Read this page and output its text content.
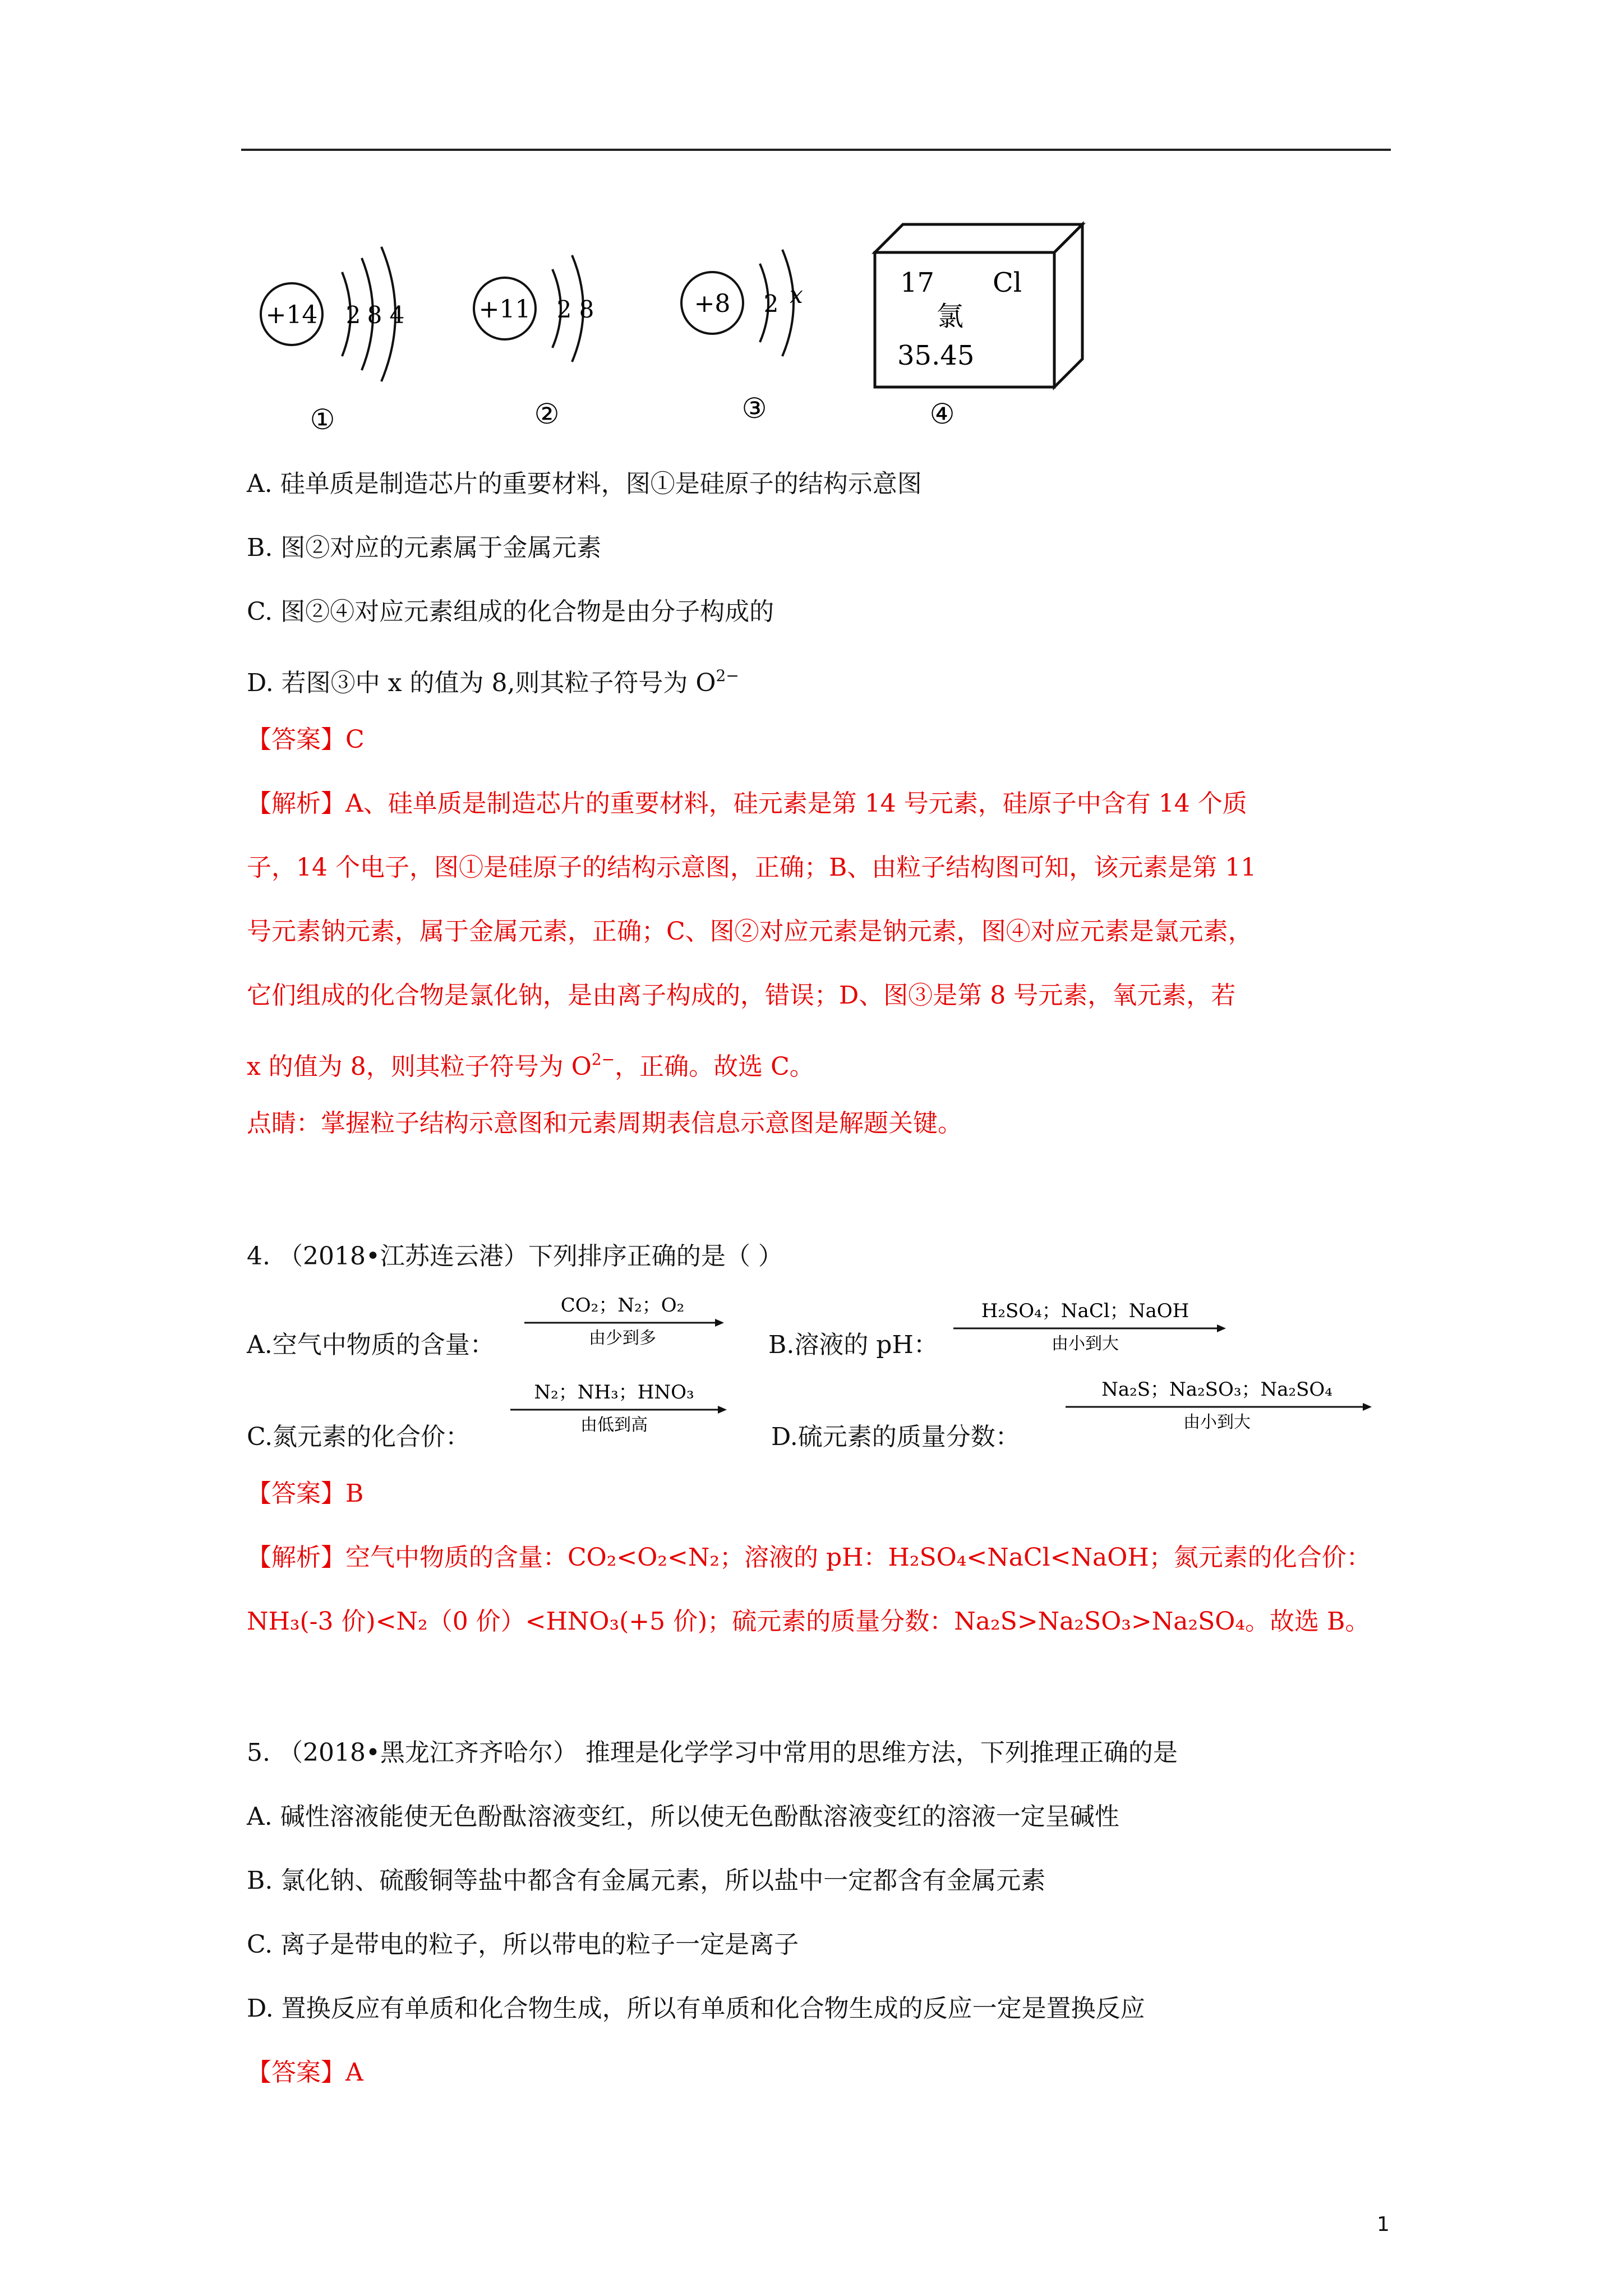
+14 2 8 4
①
+11 2 8
②
+8 2 x
③
17 Cl
氯
35.45
④
A. 硅单质是制造芯片的重要材料，图①是硅原子的结构示意图
B. 图②对应的元素属于金属元素
C. 图②④对应元素组成的化合物是由分子构成的
D. 若图③中 x 的值为 8,则其粒子符号为 $O^{2-}$
【答案】C
【解析】A、硅单质是制造芯片的重要材料，硅元素是第 14 号元素，硅原子中含有 14 个质
子，14 个电子，图①是硅原子的结构示意图，正确；B、由粒子结构图可知，该元素是第 11
号元素钠元素，属于金属元素，正确；C、图②对应元素是钠元素，图④对应元素是氯元素，
它们组成的化合物是氯化钠，是由离子构成的，错误；D、图③是第 8 号元素，氧元素，若
x 的值为 8，则其粒子符号为 $O^{2-}$，正确。故选 C。
点睛：掌握粒子结构示意图和元素周期表信息示意图是解题关键。
4. （2018•江苏连云港）下列排序正确的是（ ）
A.空气中物质的含量：
CO₂；N₂；O₂
由少到多	B.溶液的 pH：
H₂SO₄；NaCl；NaOH
由小到大
C.氮元素的化合价：
N₂；NH₃；HNO₃
由低到高	D.硫元素的质量分数：
Na₂S；Na₂SO₃；Na₂SO₄
由小到大
【答案】B
【解析】空气中物质的含量：CO₂<O₂<N₂；溶液的 pH：H₂SO₄<NaCl<NaOH；氮元素的化合价：
NH₃(-3 价)<N₂（0 价）<HNO₃(+5 价)；硫元素的质量分数：Na₂S>Na₂SO₃>Na₂SO₄。故选 B。
5. （2018•黑龙江齐齐哈尔） 推理是化学学习中常用的思维方法，下列推理正确的是
A. 碱性溶液能使无色酚酞溶液变红，所以使无色酚酞溶液变红的溶液一定呈碱性
B. 氯化钠、硫酸铜等盐中都含有金属元素，所以盐中一定都含有金属元素
C. 离子是带电的粒子，所以带电的粒子一定是离子
D. 置换反应有单质和化合物生成，所以有单质和化合物生成的反应一定是置换反应
【答案】A
1
